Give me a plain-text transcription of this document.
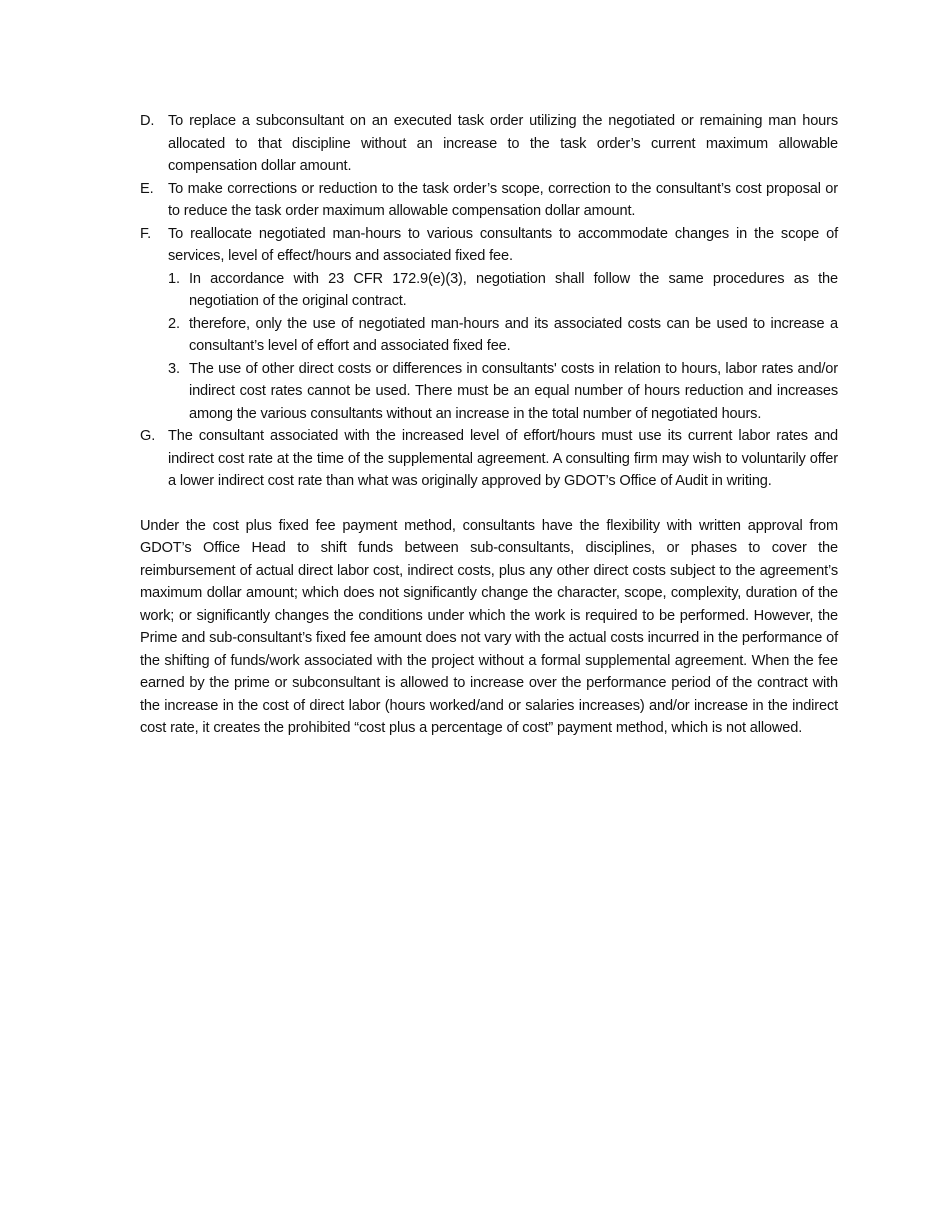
D. To replace a subconsultant on an executed task order utilizing the negotiated or remaining man hours allocated to that discipline without an increase to the task order’s current maximum allowable compensation dollar amount.
E. To make corrections or reduction to the task order’s scope, correction to the consultant’s cost proposal or to reduce the task order maximum allowable compensation dollar amount.
F.	To reallocate negotiated man-hours to various consultants to accommodate changes in the scope of services, level of effect/hours and associated fixed fee.
1. In accordance with 23 CFR 172.9(e)(3), negotiation shall follow the same procedures as the negotiation of the original contract.
2. therefore, only the use of negotiated man-hours and its associated costs can be used to increase a consultant’s level of effort and associated fixed fee.
3. The use of other direct costs or differences in consultants' costs in relation to hours, labor rates and/or indirect cost rates cannot be used. There must be an equal number of hours reduction and increases among the various consultants without an increase in the total number of negotiated hours.
G. The consultant associated with the increased level of effort/hours must use its current labor rates and indirect cost rate at the time of the supplemental agreement. A consulting firm may wish to voluntarily offer a lower indirect cost rate than what was originally approved by GDOT’s Office of Audit in writing.

Under the cost plus fixed fee payment method, consultants have the flexibility with written approval from GDOT’s Office Head to shift funds between sub-consultants, disciplines, or phases to cover the reimbursement of actual direct labor cost, indirect costs, plus any other direct costs subject to the agreement’s maximum dollar amount; which does not significantly change the character, scope, complexity, duration of the work; or significantly changes the conditions under which the work is required to be performed. However, the Prime and sub-consultant’s fixed fee amount does not vary with the actual costs incurred in the performance of the shifting of funds/work associated with the project without a formal supplemental agreement. When the fee earned by the prime or subconsultant is allowed to increase over the performance period of the contract with the increase in the cost of direct labor (hours worked/and or salaries increases) and/or increase in the indirect cost rate, it creates the prohibited “cost plus a percentage of cost” payment method, which is not allowed.
